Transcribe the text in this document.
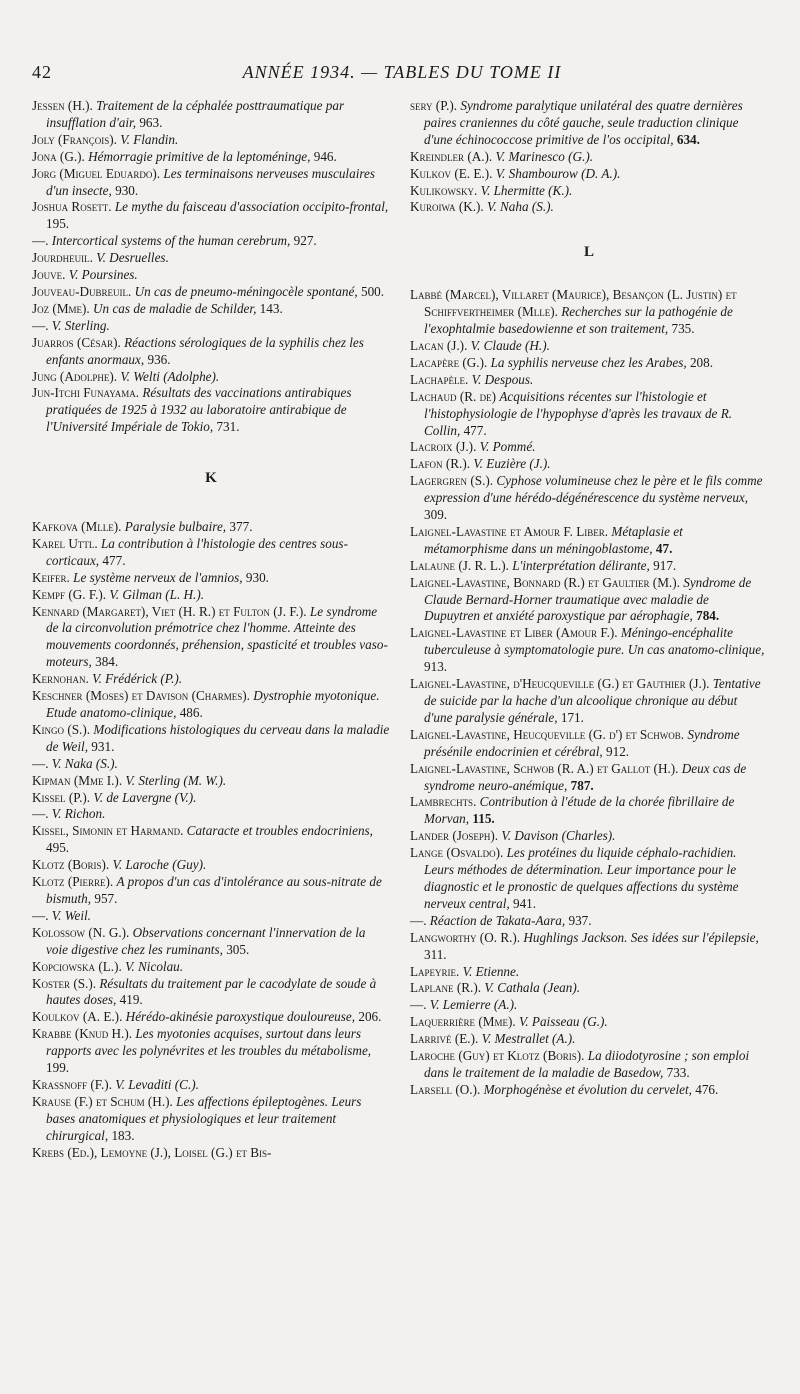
42	ANNÉE 1934. — TABLES DU TOME II

Jessen (H.). Traitement de la céphalée posttraumatique par insufflation d'air, 963.

Joly (François). V. Flandin.

Jona (G.). Hémorragie primitive de la leptoméninge, 946.

Jorg (Miguel Eduardo). Les terminaisons nerveuses musculaires d'un insecte, 930.

Joshua Rosett. Le mythe du faisceau d'association occipito-frontal, 195.

—. Intercortical systems of the human cerebrum, 927.

Jourdheuil. V. Desruelles.

Jouve. V. Poursines.

Jouveau-Dubreuil. Un cas de pneumo-méningocèle spontané, 500.

Joz (Mme). Un cas de maladie de Schilder, 143.

—. V. Sterling.

Juarros (César). Réactions sérologiques de la syphilis chez les enfants anormaux, 936.

Jung (Adolphe). V. Welti (Adolphe).

Jun-Itchi Funayama. Résultats des vaccinations antirabiques pratiquées de 1925 à 1932 au laboratoire antirabique de l'Université Impériale de Tokio, 731.

K

Kafkova (Mlle). Paralysie bulbaire, 377.

Karel Uttl. La contribution à l'histologie des centres sous-corticaux, 477.

Keifer. Le système nerveux de l'amnios, 930.

Kempf (G. F.). V. Gilman (L. H.).

Kennard (Margaret), Viet (H. R.) et Fulton (J. F.). Le syndrome de la circonvolution prémotrice chez l'homme. Atteinte des mouvements coordonnés, préhension, spasticité et troubles vaso-moteurs, 384.

Kernohan. V. Frédérick (P.).

Keschner (Moses) et Davison (Charmes). Dystrophie myotonique. Etude anatomo-clinique, 486.

Kingo (S.). Modifications histologiques du cerveau dans la maladie de Weil, 931.

—. V. Naka (S.).

Kipman (Mme I.). V. Sterling (M. W.).

Kissel (P.). V. de Lavergne (V.).

—. V. Richon.

Kissel, Simonin et Harmand. Cataracte et troubles endocriniens, 495.

Klotz (Boris). V. Laroche (Guy).

Klotz (Pierre). A propos d'un cas d'intolérance au sous-nitrate de bismuth, 957.

—. V. Weil.

Kolossow (N. G.). Observations concernant l'innervation de la voie digestive chez les ruminants, 305.

Kopciowska (L.). V. Nicolau.

Koster (S.). Résultats du traitement par le cacodylate de soude à hautes doses, 419.

Koulkov (A. E.). Hérédo-akinésie paroxystique douloureuse, 206.

Krabbe (Knud H.). Les myotonies acquises, surtout dans leurs rapports avec les polynévrites et les troubles du métabolisme, 199.

Krassnoff (F.). V. Levaditi (C.).

Krause (F.) et Schum (H.). Les affections épileptogènes. Leurs bases anatomiques et physiologiques et leur traitement chirurgical, 183.

Krebs (Ed.), Lemoyne (J.), Loisel (G.) et Bis-

sery (P.). Syndrome paralytique unilatéral des quatre dernières paires craniennes du côté gauche, seule traduction clinique d'une échinococcose primitive de l'os occipital, 634.

Kreindler (A.). V. Marinesco (G.).

Kulkov (E. E.). V. Shambourow (D. A.).

Kulikowsky. V. Lhermitte (K.).

Kuroiwa (K.). V. Naha (S.).

L

Labbé (Marcel), Villaret (Maurice), Besançon (L. Justin) et Schiffvertheimer (Mlle). Recherches sur la pathogénie de l'exophtalmie basedowienne et son traitement, 735.

Lacan (J.). V. Claude (H.).

Lacapère (G.). La syphilis nerveuse chez les Arabes, 208.

Lachapèle. V. Despous.

Lachaud (R. de) Acquisitions récentes sur l'histologie et l'histophysiologie de l'hypophyse d'après les travaux de R. Collin, 477.

Lacroix (J.). V. Pommé.

Lafon (R.). V. Euzière (J.).

Lagergren (S.). Cyphose volumineuse chez le père et le fils comme expression d'une hérédo-dégénérescence du système nerveux, 309.

Laignel-Lavastine et Amour F. Liber. Métaplasie et métamorphisme dans un méningoblastome, 47.

Lalaune (J. R. L.). L'interprétation délirante, 917.

Laignel-Lavastine, Bonnard (R.) et Gaultier (M.). Syndrome de Claude Bernard-Horner traumatique avec maladie de Dupuytren et anxiété paroxystique par aérophagie, 784.

Laignel-Lavastine et Liber (Amour F.). Méningo-encéphalite tuberculeuse à symptomatologie pure. Un cas anatomo-clinique, 913.

Laignel-Lavastine, d'Heucqueville (G.) et Gauthier (J.). Tentative de suicide par la hache d'un alcoolique chronique au début d'une paralysie générale, 171.

Laignel-Lavastine, Heucqueville (G. d') et Schwob. Syndrome présénile endocrinien et cérébral, 912.

Laignel-Lavastine, Schwob (R. A.) et Gallot (H.). Deux cas de syndrome neuro-anémique, 787.

Lambrechts. Contribution à l'étude de la chorée fibrillaire de Morvan, 115.

Lander (Joseph). V. Davison (Charles).

Lange (Osvaldo). Les protéines du liquide céphalo-rachidien. Leurs méthodes de détermination. Leur importance pour le diagnostic et le pronostic de quelques affections du système nerveux central, 941.

—. Réaction de Takata-Aara, 937.

Langworthy (O. R.). Hughlings Jackson. Ses idées sur l'épilepsie, 311.

Lapeyrie. V. Etienne.

Laplane (R.). V. Cathala (Jean).

—. V. Lemierre (A.).

Laquerrière (Mme). V. Paisseau (G.).

Larrivé (E.). V. Mestrallet (A.).

Laroche (Guy) et Klotz (Boris). La diiodotyrosine ; son emploi dans le traitement de la maladie de Basedow, 733.

Larsell (O.). Morphogénèse et évolution du cervelet, 476.
